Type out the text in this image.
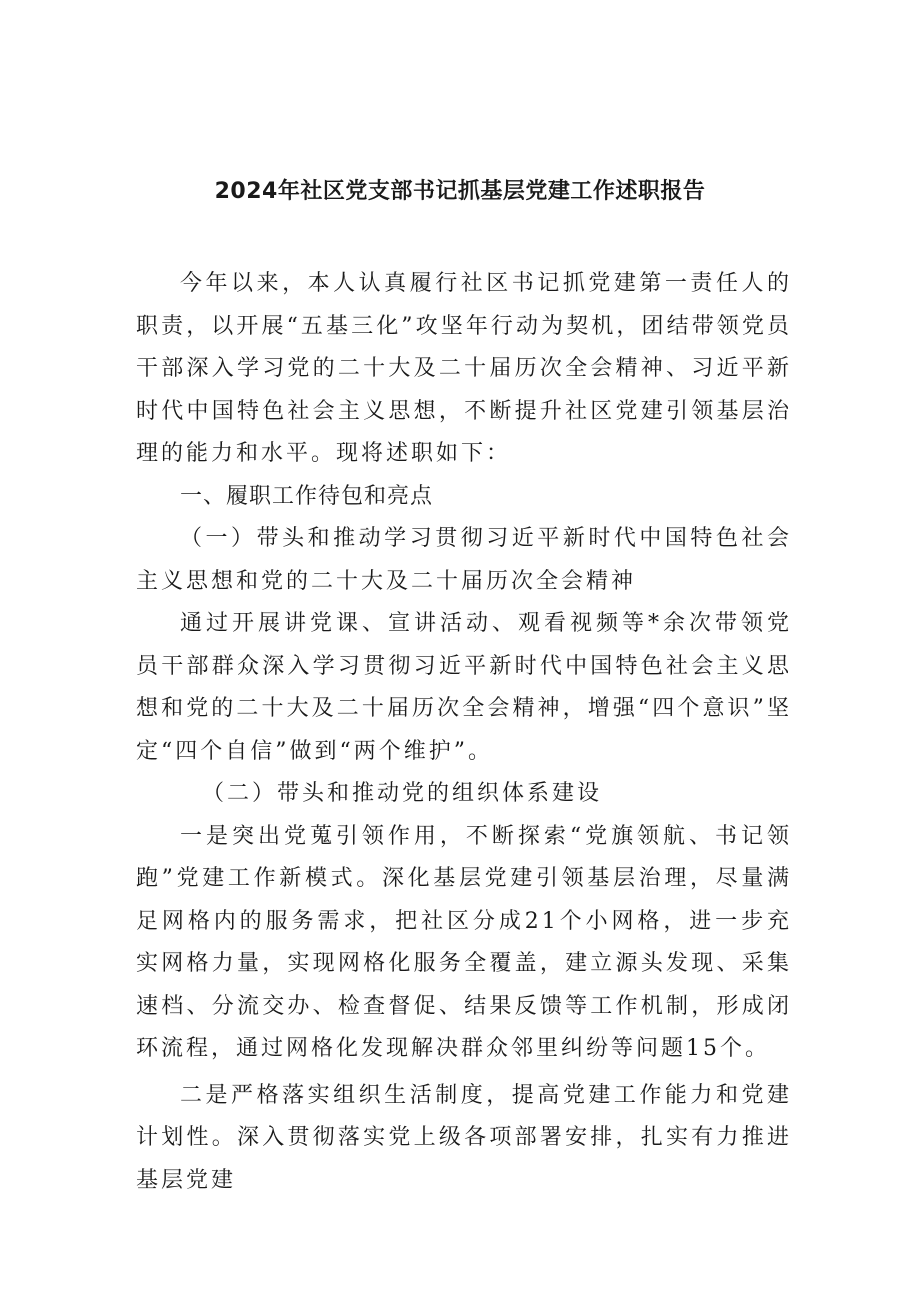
2024年社区党支部书记抓基层党建工作述职报告

今年以来，本人认真履行社区书记抓党建第一责任人的职责，以开展“五基三化”攻坚年行动为契机，团结带领党员干部深入学习党的二十大及二十届历次全会精神、习近平新时代中国特色社会主义思想，不断提升社区党建引领基层治理的能力和水平。现将述职如下：

一、履职工作待包和亮点

（一）带头和推动学习贯彻习近平新时代中国特色社会主义思想和党的二十大及二十届历次全会精神

通过开展讲党课、宣讲活动、观看视频等*余次带领党员干部群众深入学习贯彻习近平新时代中国特色社会主义思想和党的二十大及二十届历次全会精神，增强“四个意识”坚定“四个自信”做到“两个维护”。

（二）带头和推动党的组织体系建设

一是突出党蒐引领作用，不断探索“党旗领航、书记领跑”党建工作新模式。深化基层党建引领基层治理，尽量满足网格内的服务需求，把社区分成21个小网格，进一步充实网格力量，实现网格化服务全覆盖，建立源头发现、采集速档、分流交办、检查督促、结果反馈等工作机制，形成闭环流程，通过网格化发现解决群众邻里纠纷等问题15个。

二是严格落实组织生活制度，提高党建工作能力和党建计划性。深入贯彻落实党上级各项部署安排，扎实有力推进基层党建
